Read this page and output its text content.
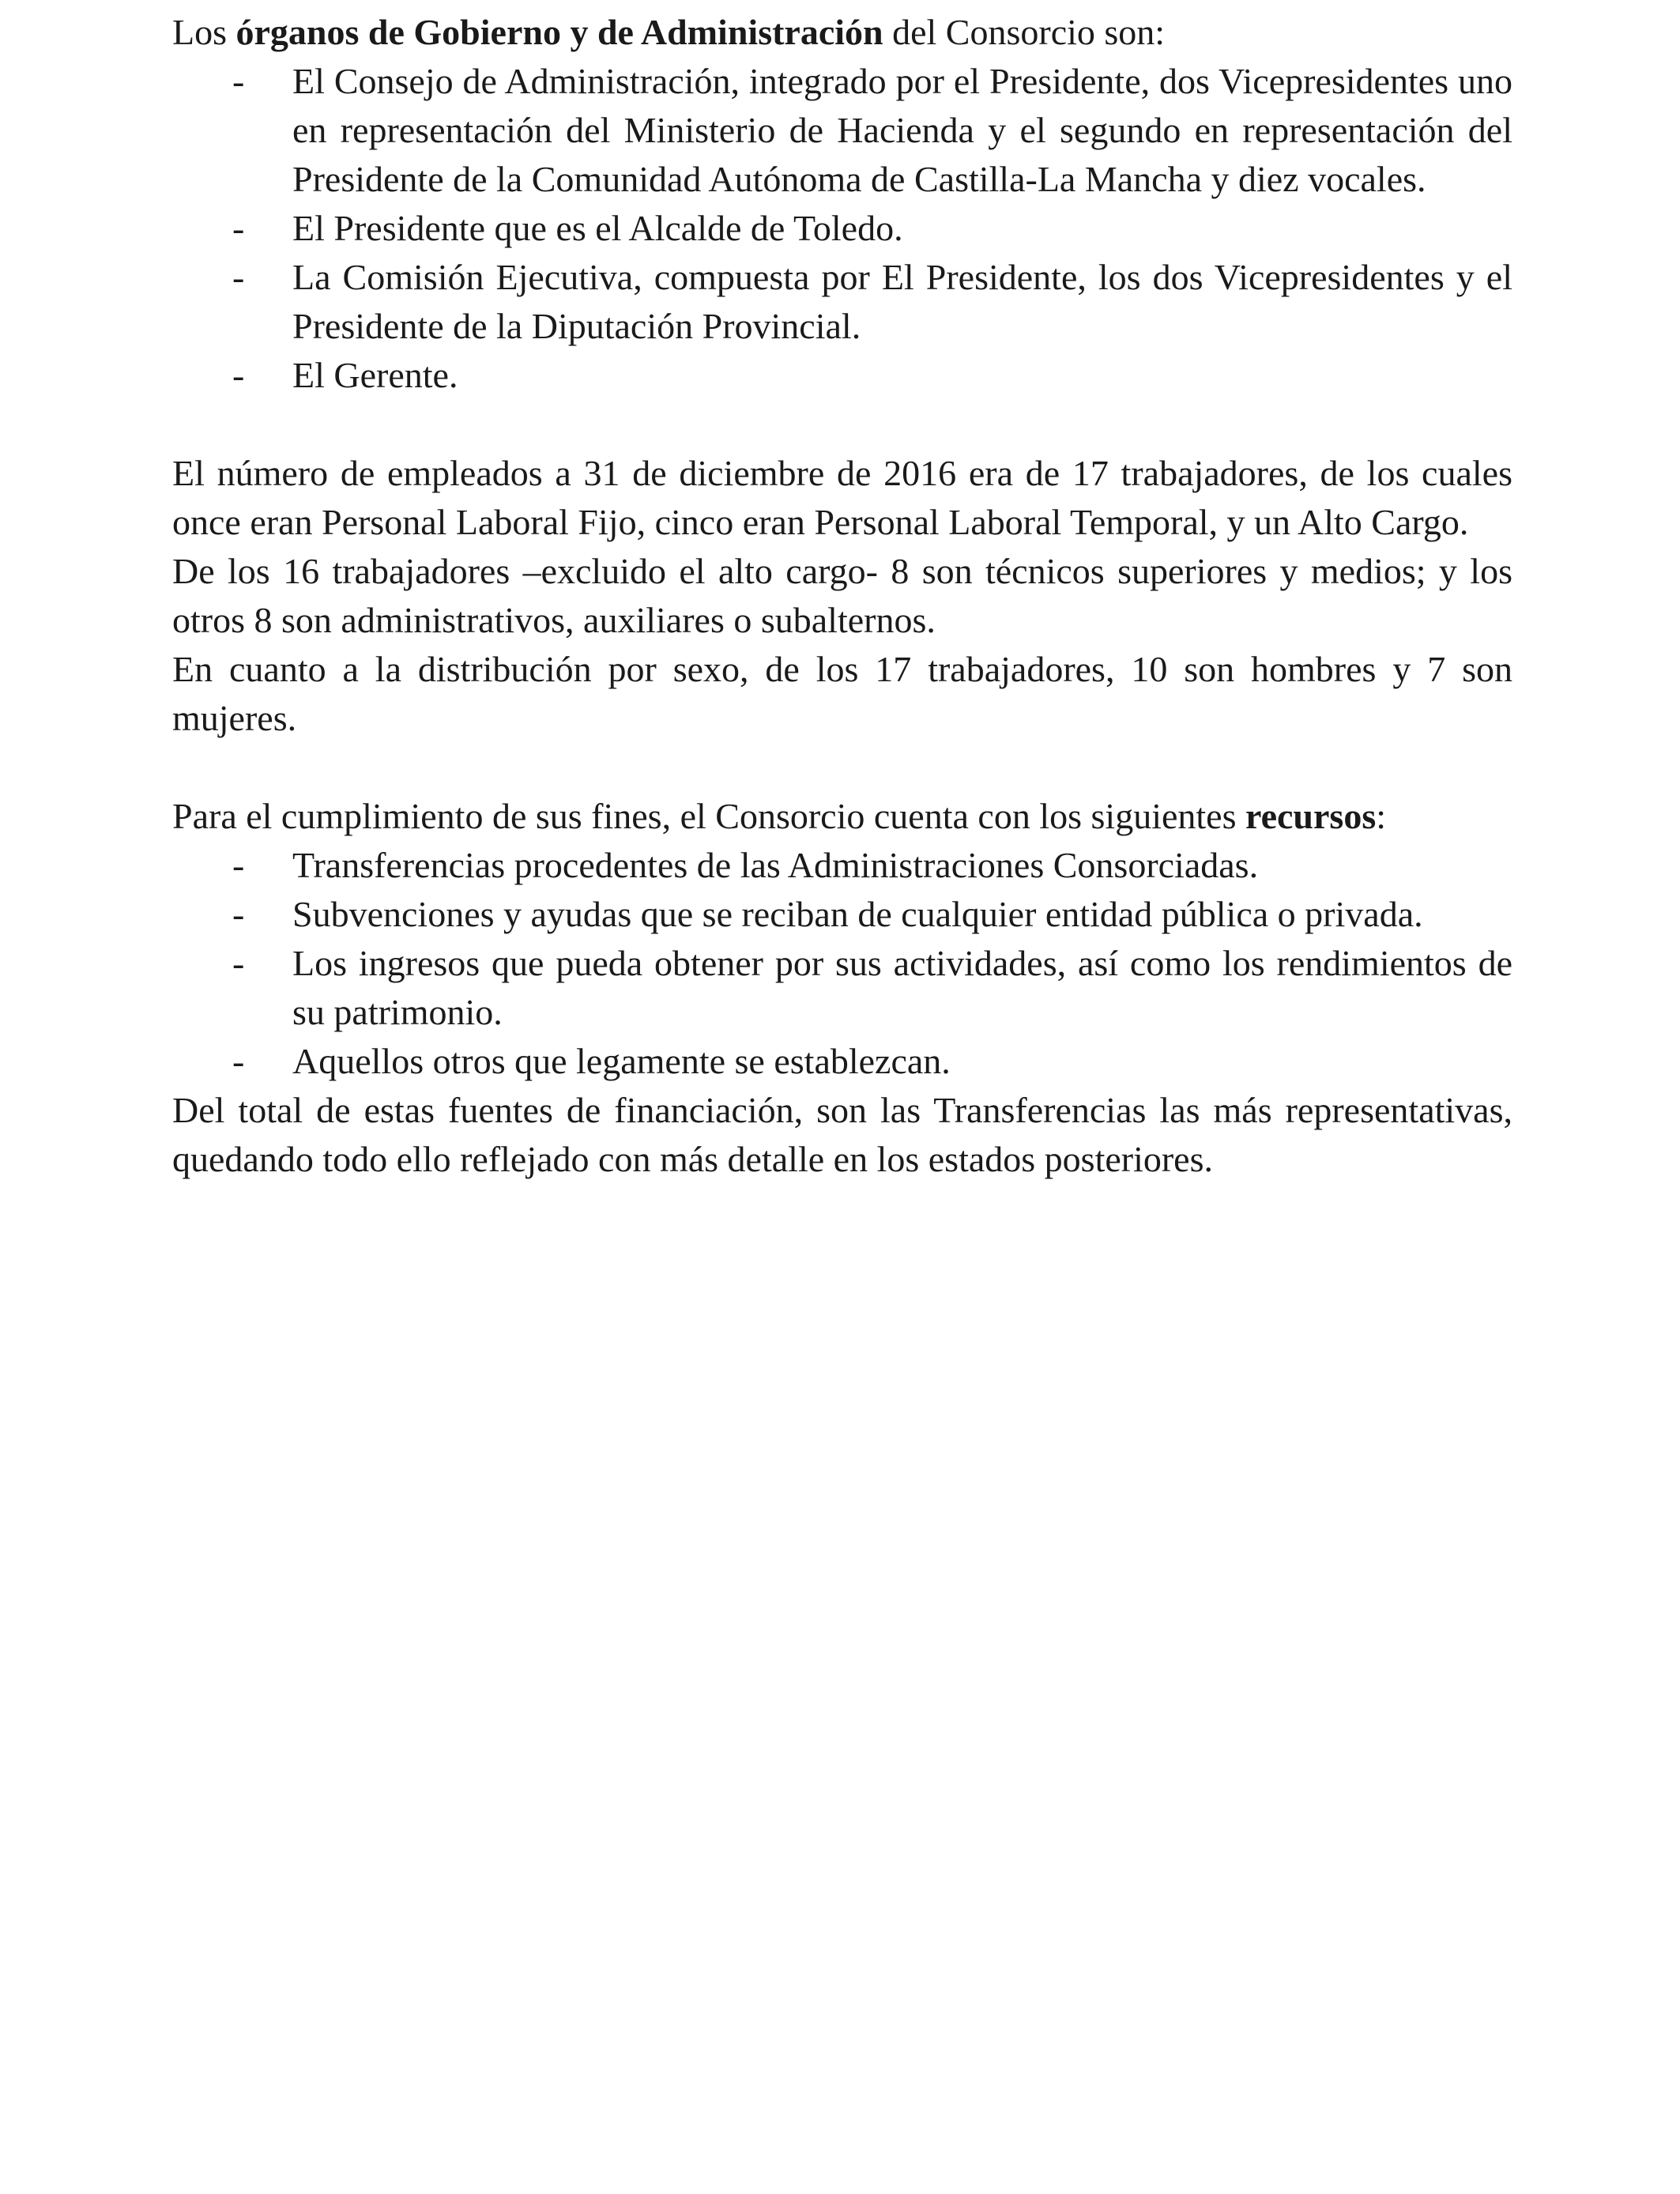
Los órganos de Gobierno y de Administración del Consorcio son:

- El Consejo de Administración, integrado por el Presidente, dos Vicepresidentes uno en representación del Ministerio de Hacienda y el segundo en representación del Presidente de la Comunidad Autónoma de Castilla-La Mancha y diez vocales.
- El Presidente que es el Alcalde de Toledo.
- La Comisión Ejecutiva, compuesta por El Presidente, los dos Vicepresidentes y el Presidente de la Diputación Provincial.
- El Gerente.

El número de empleados a 31 de diciembre de 2016 era de 17 trabajadores, de los cuales once eran Personal Laboral Fijo, cinco eran Personal Laboral Temporal, y un Alto Cargo.

De los 16 trabajadores –excluido el alto cargo- 8 son técnicos superiores y medios; y los otros 8 son administrativos, auxiliares o subalternos.

En cuanto a la distribución por sexo, de los 17 trabajadores, 10 son hombres y 7 son mujeres.

Para el cumplimiento de sus fines, el Consorcio cuenta con los siguientes recursos:

- Transferencias procedentes de las Administraciones Consorciadas.
- Subvenciones y ayudas que se reciban de cualquier entidad pública o privada.
- Los ingresos que pueda obtener por sus actividades, así como los rendimientos de su patrimonio.
- Aquellos otros que legamente se establezcan.

Del total de estas fuentes de financiación, son las Transferencias las más representativas, quedando todo ello reflejado con más detalle en los estados posteriores.
